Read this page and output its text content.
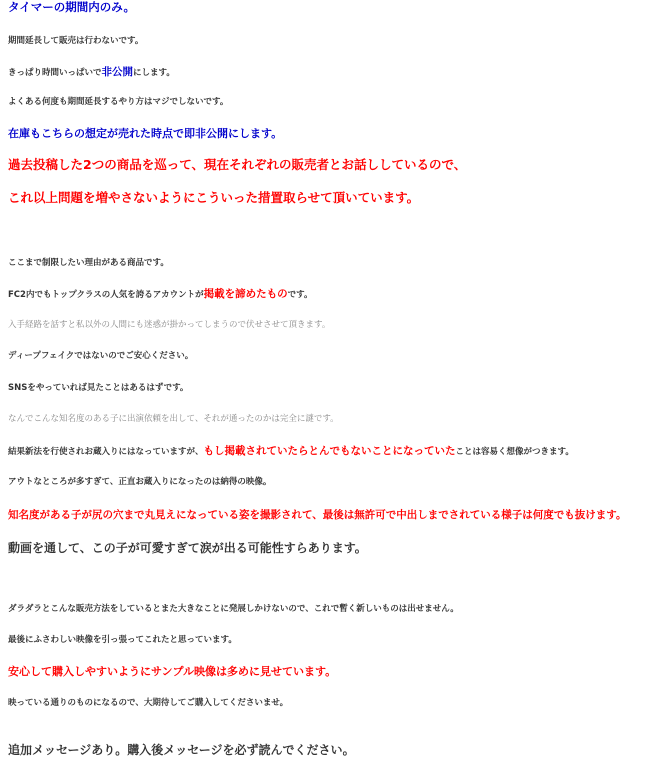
タイマーの期間内のみ。
期間延長して販売は行わないです。
きっぱり時間いっぱいで非公開にします。
よくある何度も期間延長するやり方はマジでしないです。
在庫もこちらの想定が売れた時点で即非公開にします。
過去投稿した2つの商品を巡って、現在それぞれの販売者とお話ししているので、
これ以上問題を増やさないようにこういった措置取らせて頂いています。
ここまで制限したい理由がある商品です。
FC2内でもトップクラスの人気を誇るアカウントが掲載を諦めたものです。
入手経路を話すと私以外の人間にも迷惑が掛かってしまうので伏せさせて頂きます。
ディープフェイクではないのでご安心ください。
SNSをやっていれば見たことはあるはずです。
なんでこんな知名度のある子に出演依頼を出して、それが通ったのかは完全に謎です。
結果新法を行使されお蔵入りにはなっていますが、もし掲載されていたらとんでもないことになっていたことは容易く想像がつきます。
アウトなところが多すぎて、正直お蔵入りになったのは納得の映像。
知名度がある子が尻の穴まで丸見えになっている姿を撮影されて、最後は無許可で中出しまでされている様子は何度でも抜けます。
動画を通して、この子が可愛すぎて涙が出る可能性すらあります。
ダラダラとこんな販売方法をしているとまた大きなことに発展しかけないので、これで暫く新しいものは出せません。
最後にふさわしい映像を引っ張ってこれたと思っています。
安心して購入しやすいようにサンプル映像は多めに見せています。
映っている通りのものになるので、大期待してご購入してくださいませ。
追加メッセージあり。購入後メッセージを必ず読んでください。
